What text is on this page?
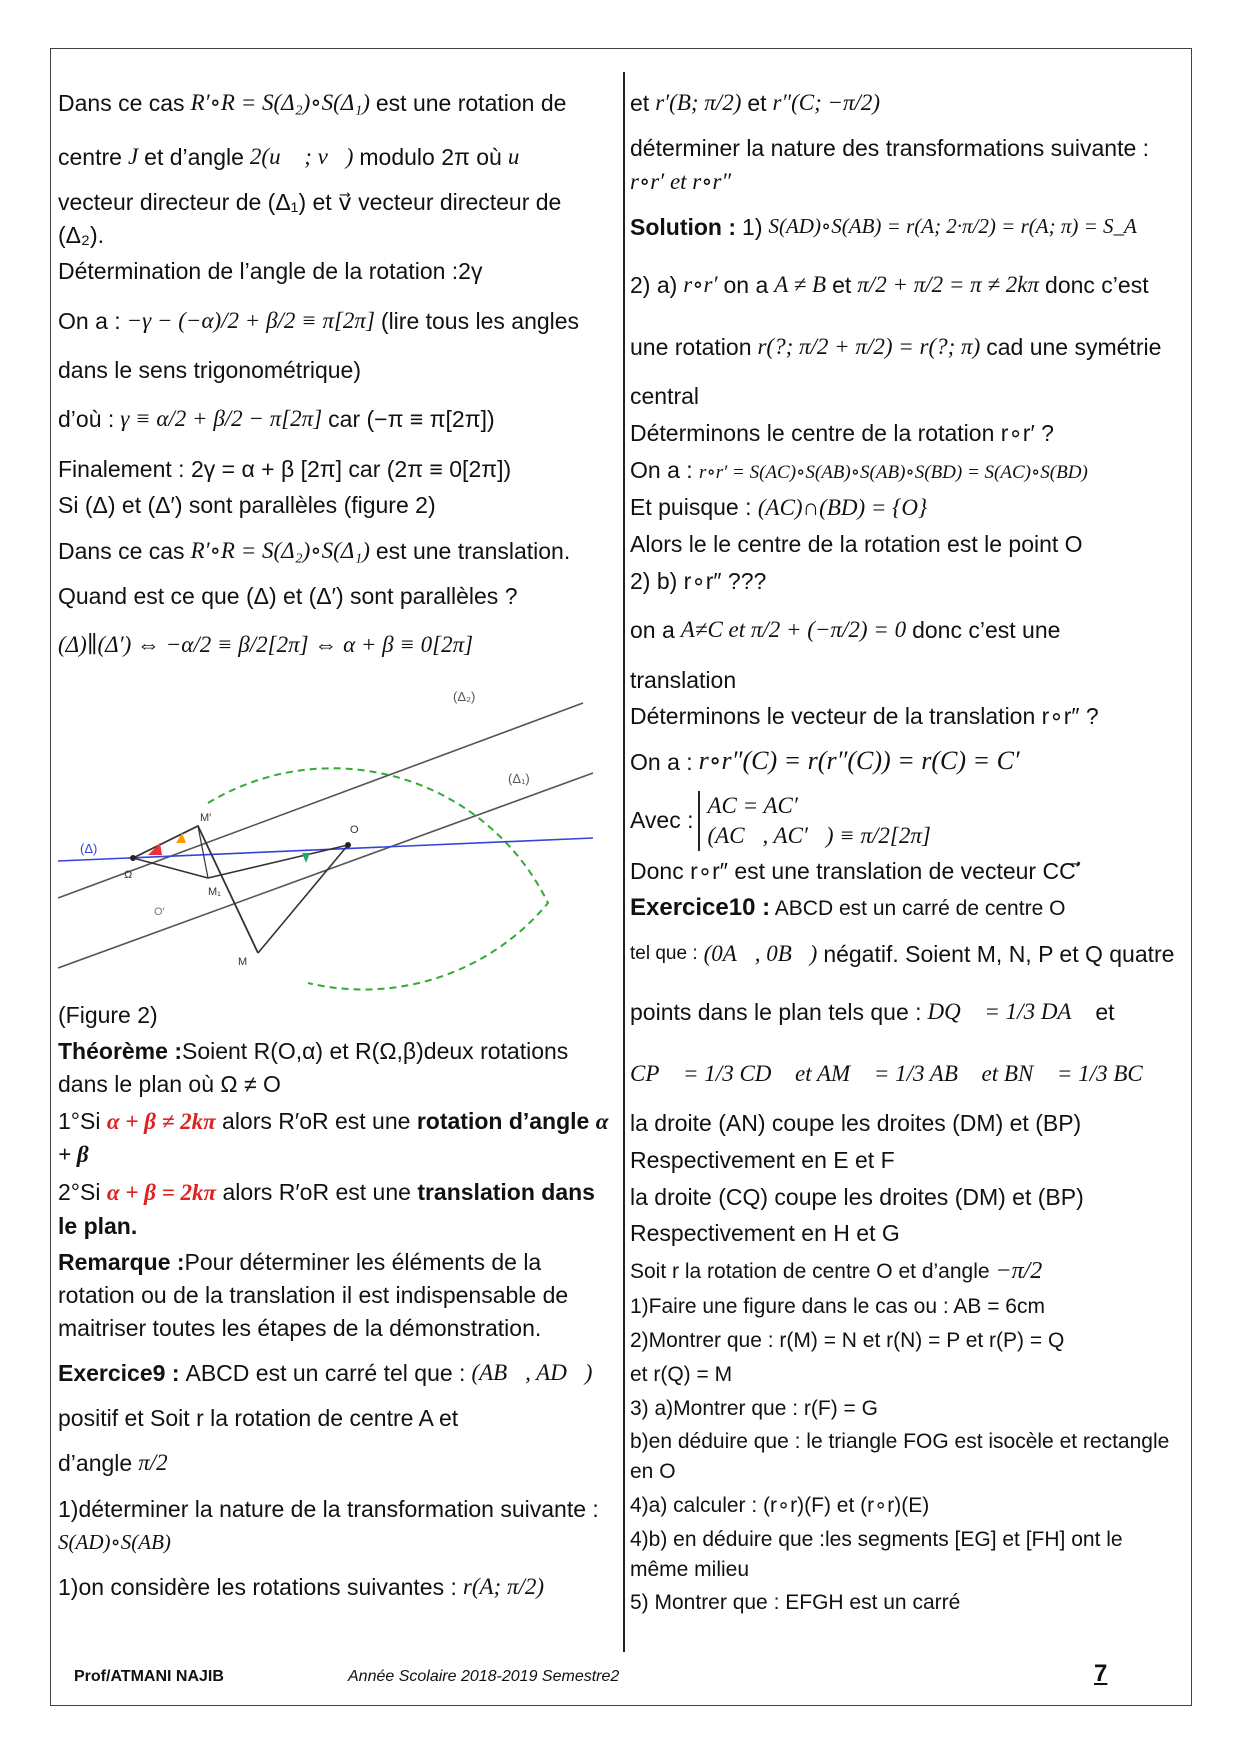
Dans ce cas R′∘R = S(Δ₂)∘S(Δ₁) est une rotation de
centre J et d’angle 2(u⃗ ; v⃗) modulo 2π où u⃗
vecteur directeur de (Δ₁) et v⃗ vecteur directeur de (Δ₂).
Détermination de l’angle de la rotation :2γ
On a : −γ − (−α)/2 + β/2 ≡ π[2π] (lire tous les angles
dans le sens trigonométrique)
d’où : γ ≡ α/2 + β/2 − π[2π] car (−π ≡ π[2π])
Finalement : 2γ = α + β [2π] car (2π ≡ 0[2π])
Si (Δ) et (Δ′) sont parallèles (figure 2)
Dans ce cas R′∘R = S(Δ₂)∘S(Δ₁) est une translation.
Quand est ce que (Δ) et (Δ′) sont parallèles ?
(Δ)∥(Δ′) ⇔ −α/2 ≡ β/2[2π] ⇔ α + β ≡ 0[2π]
(Δ₂)
(Δ₁)
(Δ)
Ω
O
M
M₁
M′
O′
(Figure 2)
Théorème :Soient R(O,α) et R(Ω,β)deux rotations dans le plan où Ω ≠ O
1°Si α + β ≠ 2kπ alors R′oR est une rotation d’angle α + β
2°Si α + β = 2kπ alors R′oR est une translation dans le plan.
Remarque :Pour déterminer les éléments de la rotation ou de la translation il est indispensable de maitriser toutes les étapes de la démonstration.
Exercice9 : ABCD est un carré tel que : (AB⃗, AD⃗)
positif et Soit r la rotation de centre A et
d’angle π/2
1)déterminer la nature de la transformation suivante : S(AD)∘S(AB)
1)on considère les rotations suivantes : r(A; π/2)
et r′(B; π/2) et r″(C; −π/2)
déterminer la nature des transformations suivante : r∘r′ et r∘r″
Solution : 1) S(AD)∘S(AB) = r(A; 2·π/2) = r(A; π) = S_A
2) a) r∘r′ on a A ≠ B et π/2 + π/2 = π ≠ 2kπ donc c’est
une rotation r(?; π/2 + π/2) = r(?; π) cad une symétrie
central
Déterminons le centre de la rotation r∘r′ ?
On a : r∘r′ = S(AC)∘S(AB)∘S(AB)∘S(BD) = S(AC)∘S(BD)
Et puisque : (AC)∩(BD) = {O}
Alors le le centre de la rotation est le point O
2) b) r∘r″ ???
on a A≠C et π/2 + (−π/2) = 0 donc c’est une
translation
Déterminons le vecteur de la translation r∘r″ ?
On a : r∘r″(C) = r(r″(C)) = r(C) = C′
Avec :
AC = AC′
(AC⃗, AC′⃗) ≡ π/2[2π]
Donc r∘r″ est une translation de vecteur CC′⃗
Exercice10 : ABCD est un carré de centre O
tel que : (0A⃗, 0B⃗) négatif. Soient M, N, P et Q quatre
points dans le plan tels que : DQ⃗ = 1/3 DA⃗ et
CP⃗ = 1/3 CD⃗ et AM⃗ = 1/3 AB⃗ et BN⃗ = 1/3 BC⃗
la droite (AN) coupe les droites (DM) et (BP)
Respectivement en E et F
la droite (CQ) coupe les droites (DM) et (BP)
Respectivement en H et G
Soit r la rotation de centre O et d’angle −π/2
1)Faire une figure dans le cas ou : AB = 6cm
2)Montrer que : r(M) = N et r(N) = P et r(P) = Q
et r(Q) = M
3) a)Montrer que : r(F) = G
b)en déduire que : le triangle FOG est isocèle et rectangle en O
4)a) calculer : (r∘r)(F) et (r∘r)(E)
4)b) en déduire que :les segments [EG] et [FH] ont le même milieu
5) Montrer que : EFGH est un carré
Prof/ATMANI NAJIB	Année Scolaire 2018-2019 Semestre2	7
